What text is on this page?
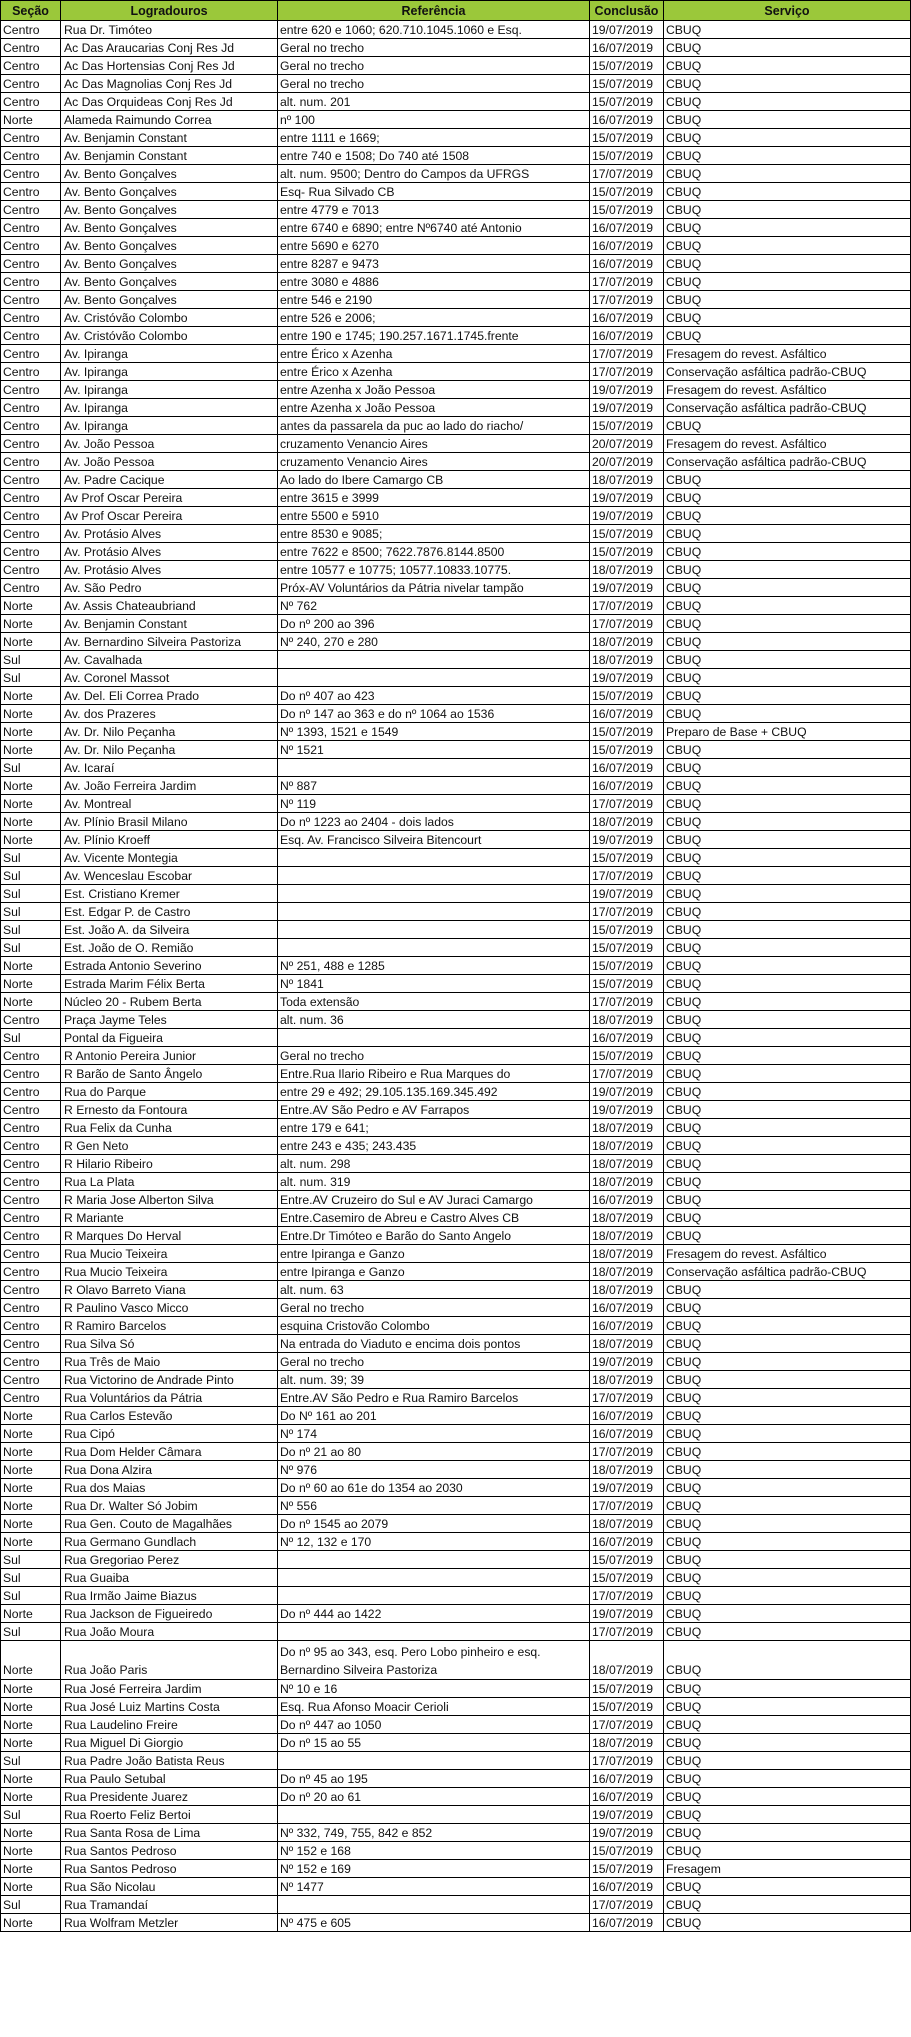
Seção	Logradouros	Referência	Conclusão	Serviço
Centro	Rua Dr. Timóteo	entre 620 e 1060; 620.710.1045.1060 e Esq.	19/07/2019	CBUQ
Centro	Ac Das Araucarias Conj Res Jd	Geral no trecho	16/07/2019	CBUQ
Centro	Ac Das Hortensias Conj Res Jd	Geral no trecho	15/07/2019	CBUQ
Centro	Ac Das Magnolias Conj Res Jd	Geral no trecho	15/07/2019	CBUQ
Centro	Ac Das Orquideas Conj Res Jd	alt. num. 201	15/07/2019	CBUQ
Norte	Alameda Raimundo Correa	nº 100	16/07/2019	CBUQ
Centro	Av. Benjamin Constant	entre 1111 e 1669;	15/07/2019	CBUQ
Centro	Av. Benjamin Constant	entre 740 e 1508; Do 740 até 1508	15/07/2019	CBUQ
Centro	Av. Bento Gonçalves	alt. num. 9500; Dentro do Campos da UFRGS	17/07/2019	CBUQ
Centro	Av. Bento Gonçalves	Esq- Rua Silvado CB	15/07/2019	CBUQ
Centro	Av. Bento Gonçalves	entre 4779 e 7013	15/07/2019	CBUQ
Centro	Av. Bento Gonçalves	entre 6740 e 6890; entre Nº6740 até Antonio	16/07/2019	CBUQ
Centro	Av. Bento Gonçalves	entre 5690 e 6270	16/07/2019	CBUQ
Centro	Av. Bento Gonçalves	entre 8287 e 9473	16/07/2019	CBUQ
Centro	Av. Bento Gonçalves	entre 3080 e 4886	17/07/2019	CBUQ
Centro	Av. Bento Gonçalves	entre 546 e 2190	17/07/2019	CBUQ
Centro	Av. Cristóvão Colombo	entre 526 e 2006;	16/07/2019	CBUQ
Centro	Av. Cristóvão Colombo	entre 190 e 1745; 190.257.1671.1745.frente	16/07/2019	CBUQ
Centro	Av. Ipiranga	entre Érico x Azenha	17/07/2019	Fresagem do revest. Asfáltico
Centro	Av. Ipiranga	entre Érico x Azenha	17/07/2019	Conservação asfáltica padrão-CBUQ
Centro	Av. Ipiranga	entre Azenha x João Pessoa	19/07/2019	Fresagem do revest. Asfáltico
Centro	Av. Ipiranga	entre Azenha x João Pessoa	19/07/2019	Conservação asfáltica padrão-CBUQ
Centro	Av. Ipiranga	antes da passarela da puc ao lado do riacho/	15/07/2019	CBUQ
Centro	Av. João Pessoa	cruzamento Venancio Aires	20/07/2019	Fresagem do revest. Asfáltico
Centro	Av. João Pessoa	cruzamento Venancio Aires	20/07/2019	Conservação asfáltica padrão-CBUQ
Centro	Av. Padre Cacique	Ao lado do Ibere Camargo CB	18/07/2019	CBUQ
Centro	Av Prof Oscar Pereira	entre 3615 e 3999	19/07/2019	CBUQ
Centro	Av Prof Oscar Pereira	entre 5500 e 5910	19/07/2019	CBUQ
Centro	Av. Protásio Alves	entre 8530 e 9085;	15/07/2019	CBUQ
Centro	Av. Protásio Alves	entre 7622 e 8500; 7622.7876.8144.8500	15/07/2019	CBUQ
Centro	Av. Protásio Alves	entre 10577 e 10775; 10577.10833.10775.	18/07/2019	CBUQ
Centro	Av. São Pedro	Próx-AV Voluntários da Pátria nivelar tampão	19/07/2019	CBUQ
Norte	Av. Assis Chateaubriand	Nº 762	17/07/2019	CBUQ
Norte	Av. Benjamin Constant	Do nº 200 ao 396	17/07/2019	CBUQ
Norte	Av. Bernardino Silveira Pastoriza	Nº 240, 270 e 280	18/07/2019	CBUQ
Sul	Av. Cavalhada		18/07/2019	CBUQ
Sul	Av. Coronel Massot		19/07/2019	CBUQ
Norte	Av. Del. Eli Correa Prado	Do nº 407 ao 423	15/07/2019	CBUQ
Norte	Av. dos Prazeres	Do nº 147 ao 363 e do nº 1064 ao 1536	16/07/2019	CBUQ
Norte	Av. Dr. Nilo Peçanha	Nº 1393, 1521 e 1549	15/07/2019	Preparo de Base + CBUQ
Norte	Av. Dr. Nilo Peçanha	Nº 1521	15/07/2019	CBUQ
Sul	Av. Icaraí		16/07/2019	CBUQ
Norte	Av. João Ferreira Jardim	Nº 887	16/07/2019	CBUQ
Norte	Av. Montreal	Nº 119	17/07/2019	CBUQ
Norte	Av. Plínio Brasil Milano	Do nº 1223 ao 2404 - dois lados	18/07/2019	CBUQ
Norte	Av. Plínio Kroeff	Esq. Av. Francisco Silveira Bitencourt	19/07/2019	CBUQ
Sul	Av. Vicente Montegia		15/07/2019	CBUQ
Sul	Av. Wenceslau Escobar		17/07/2019	CBUQ
Sul	Est. Cristiano Kremer		19/07/2019	CBUQ
Sul	Est. Edgar P. de Castro		17/07/2019	CBUQ
Sul	Est. João A. da Silveira		15/07/2019	CBUQ
Sul	Est. João de O. Remião		15/07/2019	CBUQ
Norte	Estrada Antonio Severino	Nº 251, 488 e 1285	15/07/2019	CBUQ
Norte	Estrada Marim Félix Berta	Nº 1841	15/07/2019	CBUQ
Norte	Núcleo 20 - Rubem Berta	Toda extensão	17/07/2019	CBUQ
Centro	Praça Jayme Teles	alt. num. 36	18/07/2019	CBUQ
Sul	Pontal da Figueira		16/07/2019	CBUQ
Centro	R Antonio Pereira Junior	Geral no trecho	15/07/2019	CBUQ
Centro	R Barão de Santo Ângelo	Entre.Rua Ilario Ribeiro e Rua Marques do	17/07/2019	CBUQ
Centro	Rua do Parque	entre 29 e 492; 29.105.135.169.345.492	19/07/2019	CBUQ
Centro	R Ernesto da Fontoura	Entre.AV São Pedro e AV Farrapos	19/07/2019	CBUQ
Centro	Rua Felix da Cunha	entre 179 e 641;	18/07/2019	CBUQ
Centro	R Gen Neto	entre 243 e 435; 243.435	18/07/2019	CBUQ
Centro	R Hilario Ribeiro	alt. num. 298	18/07/2019	CBUQ
Centro	Rua La Plata	alt. num. 319	18/07/2019	CBUQ
Centro	R Maria Jose Alberton Silva	Entre.AV Cruzeiro do Sul e AV Juraci Camargo	16/07/2019	CBUQ
Centro	R Mariante	Entre.Casemiro de Abreu e Castro Alves CB	18/07/2019	CBUQ
Centro	R Marques Do Herval	Entre.Dr Timóteo e Barão do Santo Angelo	18/07/2019	CBUQ
Centro	Rua Mucio Teixeira	entre Ipiranga e Ganzo	18/07/2019	Fresagem do revest. Asfáltico
Centro	Rua Mucio Teixeira	entre Ipiranga e Ganzo	18/07/2019	Conservação asfáltica padrão-CBUQ
Centro	R Olavo Barreto Viana	alt. num. 63	18/07/2019	CBUQ
Centro	R Paulino Vasco Micco	Geral no trecho	16/07/2019	CBUQ
Centro	R Ramiro Barcelos	esquina Cristovão Colombo	16/07/2019	CBUQ
Centro	Rua Silva Só	Na entrada do Viaduto e encima dois pontos	18/07/2019	CBUQ
Centro	Rua Três de Maio	Geral no trecho	19/07/2019	CBUQ
Centro	Rua Victorino de Andrade Pinto	alt. num. 39; 39	18/07/2019	CBUQ
Centro	Rua Voluntários da Pátria	Entre.AV São Pedro e Rua Ramiro Barcelos	17/07/2019	CBUQ
Norte	Rua Carlos Estevão	Do Nº 161 ao 201	16/07/2019	CBUQ
Norte	Rua Cipó	Nº 174	16/07/2019	CBUQ
Norte	Rua Dom Helder Câmara	Do nº 21 ao 80	17/07/2019	CBUQ
Norte	Rua Dona Alzira	Nº 976	18/07/2019	CBUQ
Norte	Rua dos Maias	Do nº 60 ao 61e do 1354 ao 2030	19/07/2019	CBUQ
Norte	Rua Dr. Walter Só Jobim	Nº 556	17/07/2019	CBUQ
Norte	Rua Gen. Couto de Magalhães	Do nº 1545 ao 2079	18/07/2019	CBUQ
Norte	Rua Germano Gundlach	Nº 12, 132 e 170	16/07/2019	CBUQ
Sul	Rua Gregoriao Perez		15/07/2019	CBUQ
Sul	Rua Guaiba		15/07/2019	CBUQ
Sul	Rua Irmão Jaime Biazus		17/07/2019	CBUQ
Norte	Rua Jackson de Figueiredo	Do nº 444 ao 1422	19/07/2019	CBUQ
Sul	Rua João Moura		17/07/2019	CBUQ
Norte	Rua João Paris	Do nº 95 ao 343, esq. Pero Lobo pinheiro e esq. Bernardino Silveira Pastoriza	18/07/2019	CBUQ
Norte	Rua José Ferreira Jardim	Nº 10 e 16	15/07/2019	CBUQ
Norte	Rua José Luiz Martins Costa	Esq. Rua Afonso Moacir Cerioli	15/07/2019	CBUQ
Norte	Rua Laudelino Freire	Do nº 447 ao 1050	17/07/2019	CBUQ
Norte	Rua Miguel Di Giorgio	Do nº 15 ao 55	18/07/2019	CBUQ
Sul	Rua Padre João Batista Reus		17/07/2019	CBUQ
Norte	Rua Paulo Setubal	Do nº 45 ao 195	16/07/2019	CBUQ
Norte	Rua Presidente Juarez	Do nº 20 ao 61	16/07/2019	CBUQ
Sul	Rua Roerto Feliz Bertoi		19/07/2019	CBUQ
Norte	Rua Santa Rosa de Lima	Nº 332, 749, 755, 842 e 852	19/07/2019	CBUQ
Norte	Rua Santos Pedroso	Nº 152 e 168	15/07/2019	CBUQ
Norte	Rua Santos Pedroso	Nº 152 e 169	15/07/2019	Fresagem
Norte	Rua São Nicolau	Nº 1477	16/07/2019	CBUQ
Sul	Rua Tramandaí		17/07/2019	CBUQ
Norte	Rua Wolfram Metzler	Nº 475 e 605	16/07/2019	CBUQ
